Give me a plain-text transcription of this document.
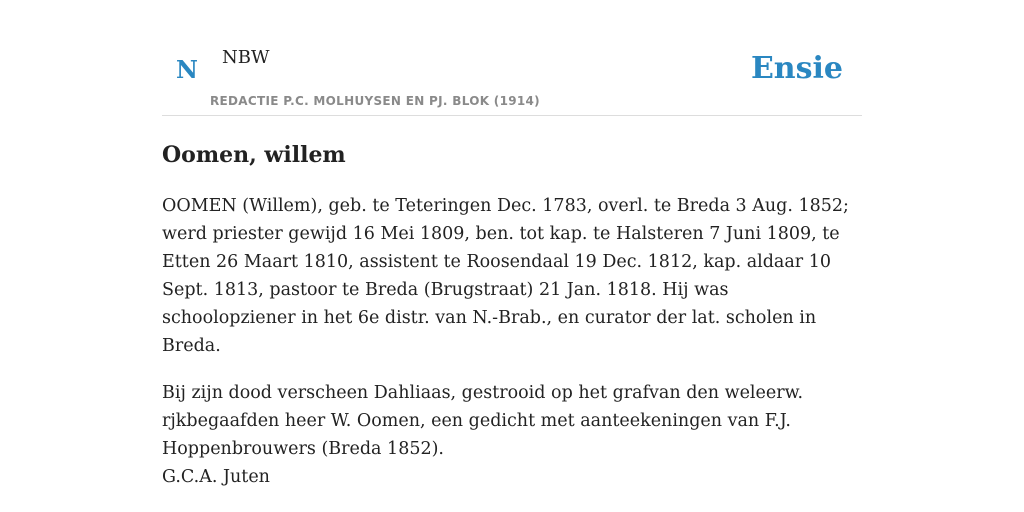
N NBW
REDACTIE P.C. MOLHUYSEN EN PJ. BLOK (1914)
Ensie
Oomen, willem

OOMEN (Willem), geb. te Teteringen Dec. 1783, overl. te Breda 3 Aug. 1852; werd priester gewijd 16 Mei 1809, ben. tot kap. te Halsteren 7 Juni 1809, te Etten 26 Maart 1810, assistent te Roosendaal 19 Dec. 1812, kap. aldaar 10 Sept. 1813, pastoor te Breda (Brugstraat) 21 Jan. 1818. Hij was schoolopziener in het 6e distr. van N.-Brab., en curator der lat. scholen in Breda.

Bij zijn dood verscheen Dahliaas, gestrooid op het grafvan den weleerw. rjkbegaafden heer W. Oomen, een gedicht met aanteekeningen van F.J. Hoppenbrouwers (Breda 1852).

G.C.A. Juten
